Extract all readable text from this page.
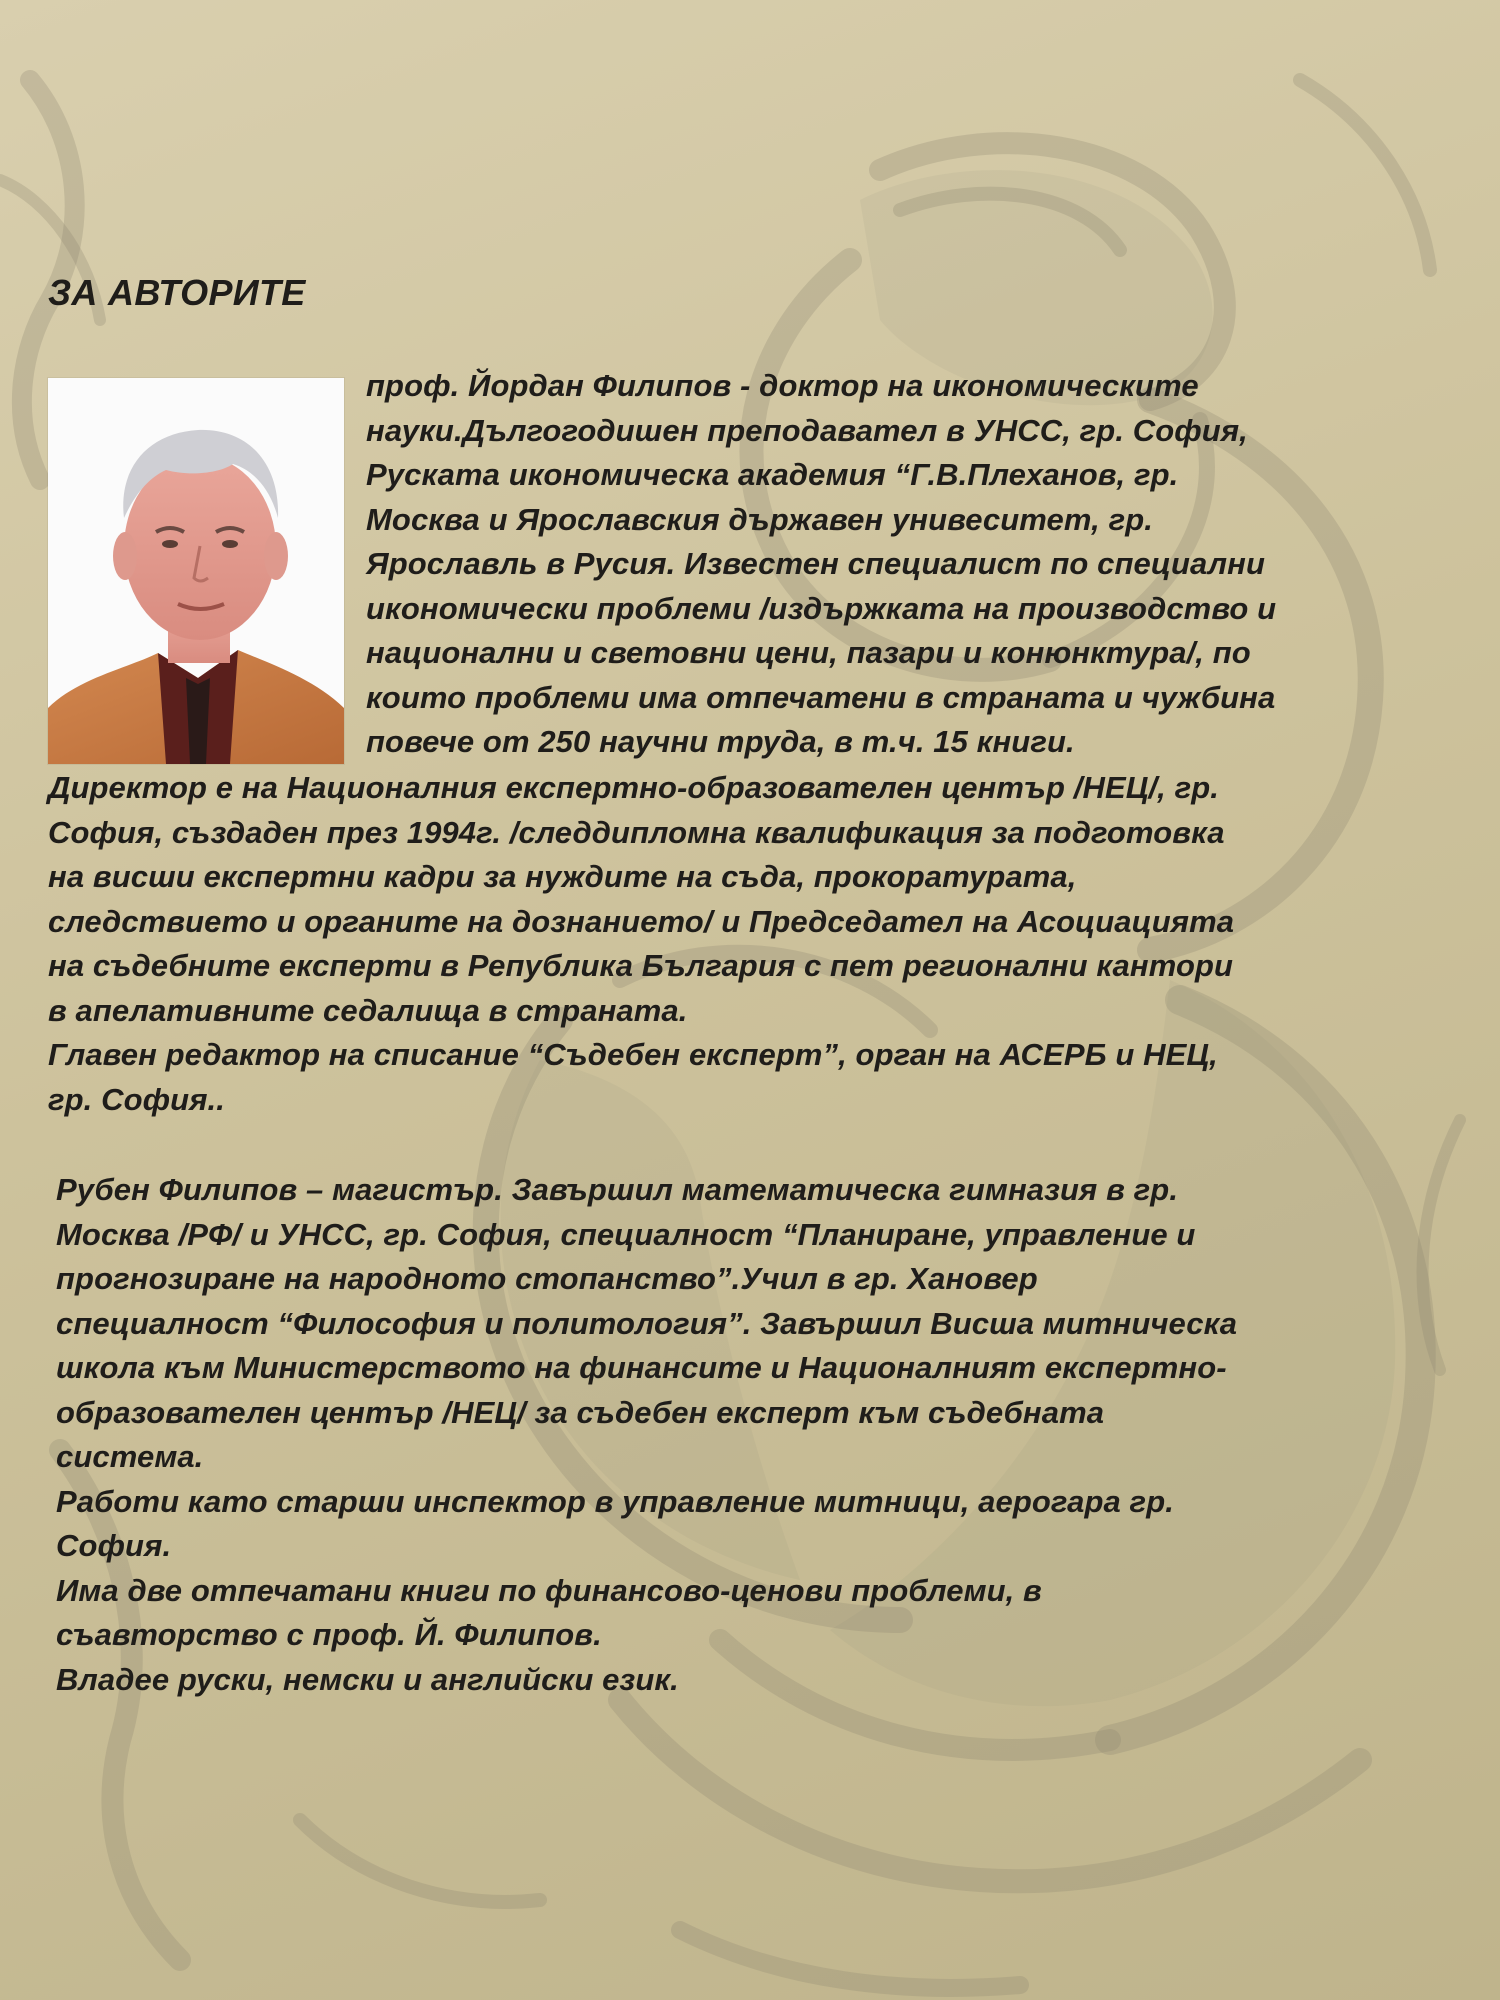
ЗА АВТОРИТЕ
проф. Йордан Филипов - доктор на икономическите
науки.Дългогодишен преподавател в УНСС, гр. София,
Руската икономическа академия “Г.В.Плеханов, гр.
Москва и Ярославския държавен унивеситет, гр.
Ярославль в Русия. Известен специалист по специални
икономически проблеми /издържката на производство и
национални и световни цени, пазари и конюнктура/, по
които проблеми има отпечатени в страната и чужбина
повече от 250 научни труда, в т.ч. 15 книги.
Директор е на Националния експертно-образователен център /НЕЦ/, гр.
София, създаден през 1994г. /следдипломна квалификация за подготовка
на висши експертни кадри за нуждите на съда, прокоратурата,
следствието и органите на дознанието/ и Председател на Асоциацията
на съдебните експерти в Република България с пет регионални кантори
в апелативните седалища в страната.
Главен редактор на списание “Съдебен експерт”, орган на АСЕРБ и НЕЦ,
гр. София..
Рубен Филипов – магистър. Завършил математическа гимназия в гр.
Москва /РФ/ и УНСС, гр. София, специалност “Планиране, управление и
прогнозиране на народното стопанство”.Учил в гр. Хановер
специалност “Философия и политология”. Завършил Висша митническа
школа към Министерството на финансите и Националният експертно-
образователен център /НЕЦ/ за съдебен експерт към съдебната
система.
Работи като старши инспектор в управление митници, аерогара гр.
София.
Има две отпечатани книги по финансово-ценови проблеми, в
съавторство с проф. Й. Филипов.
Владее руски, немски и английски език.
